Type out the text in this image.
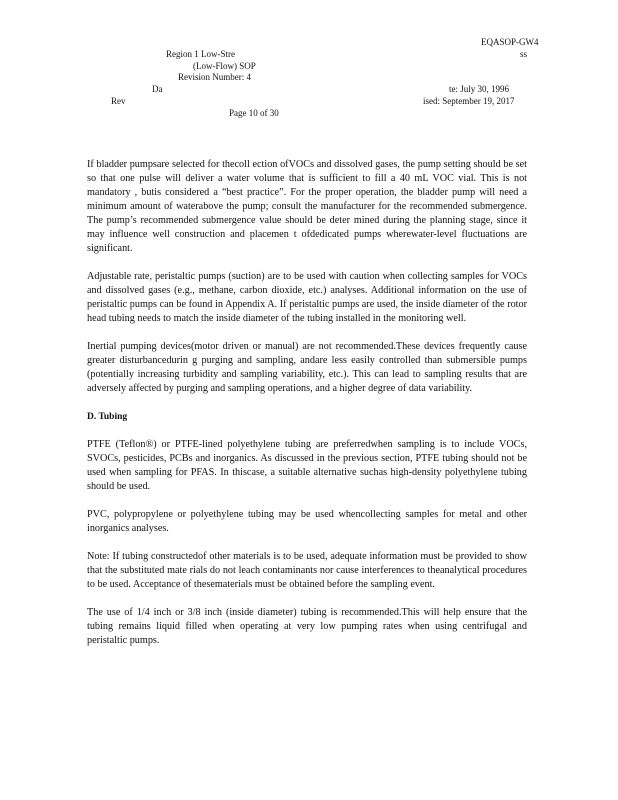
EQASOP-GW4
Region 1 Low-Stre	ss
(Low-Flow) SOP
Revision Number: 4
Da	te: July 30, 1996
Rev	ised: September 19, 2017
Page 10 of 30

If bladder pumpsare selected for thecoll ection ofVOCs and dissolved gases, the pump setting should be set so that one pulse will deliver a water volume that is sufficient to fill a 40 mL VOC vial. This is not mandatory , butis considered a “best practice”. For the proper operation, the bladder pump will need a minimum amount of waterabove the pump; consult the manufacturer for the recommended submergence. The pump’s recommended submergence value should be deter mined during the planning stage, since it may influence well construction and placemen t ofdedicated pumps wherewater-level fluctuations are significant.

Adjustable rate, peristaltic pumps (suction) are to be used with caution when collecting samples for VOCs and dissolved gases (e.g., methane, carbon dioxide, etc.) analyses. Additional information on the use of peristaltic pumps can be found in Appendix A. If peristaltic pumps are used, the inside diameter of the rotor head tubing needs to match the inside diameter of the tubing installed in the monitoring well.

Inertial pumping devices(motor driven or manual) are not recommended.These devices frequently cause greater disturbancedurin g purging and sampling, andare less easily controlled than submersible pumps (potentially increasing turbidity and sampling variability, etc.). This can lead to sampling results that are adversely affected by purging and sampling operations, and a higher degree of data variability.

D. Tubing

PTFE (Teflon®) or PTFE-lined polyethylene tubing are preferredwhen sampling is to include VOCs, SVOCs, pesticides, PCBs and inorganics. As discussed in the previous section, PTFE tubing should not be used when sampling for PFAS. In thiscase, a suitable alternative suchas high-density polyethylene tubing should be used.

PVC, polypropylene or polyethylene tubing may be used whencollecting samples for metal and other inorganics analyses.

Note: If tubing constructedof other materials is to be used, adequate information must be provided to show that the substituted mate rials do not leach contaminants nor cause interferences to theanalytical procedures to be used. Acceptance of thesematerials must be obtained before the sampling event.

The use of 1/4 inch or 3/8 inch (inside diameter) tubing is recommended.This will help ensure that the tubing remains liquid filled when operating at very low pumping rates when using centrifugal and peristaltic pumps.
